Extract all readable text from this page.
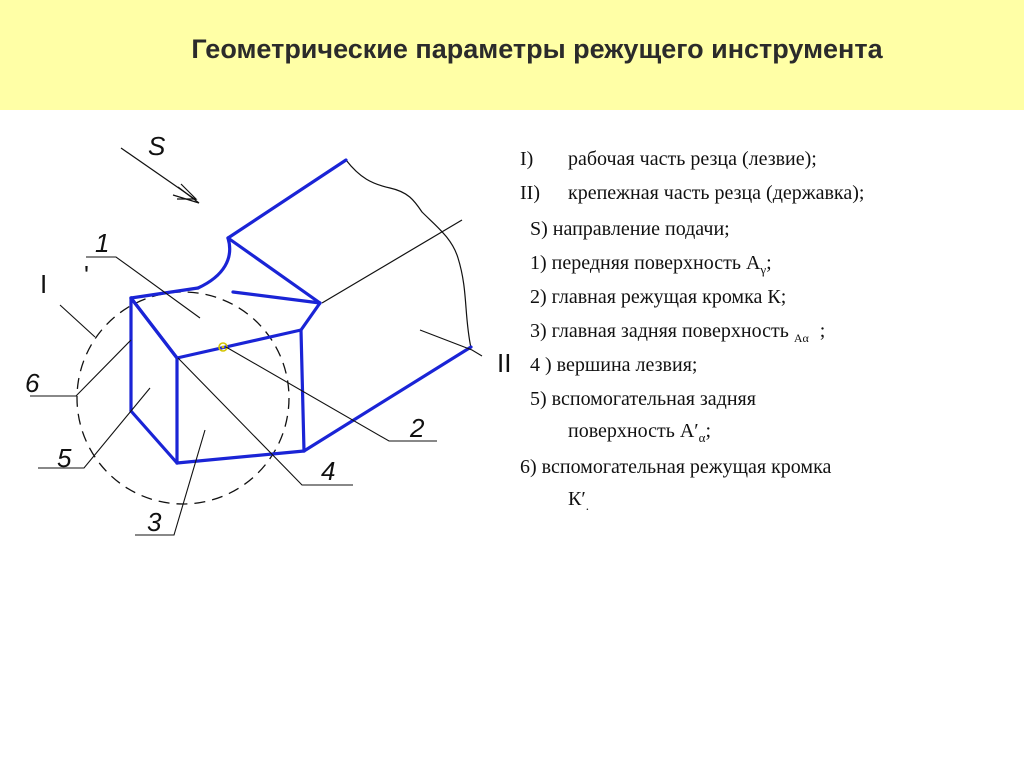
Геометрические параметры режущего инструмента
S
I '
II
1
2
3
4
5
6
I) рабочая часть резца (лезвие);
II) крепежная часть резца (державка);
S) направление подачи;
1) передняя поверхность $A_\gamma$;
2) главная режущая кромка К;
3) главная задняя поверхность $_{A\alpha}$ ;
4 ) вершина лезвия;
5) вспомогательная задняя
поверхность $A'_\alpha$;
6) вспомогательная режущая кромка
$К'_.$
